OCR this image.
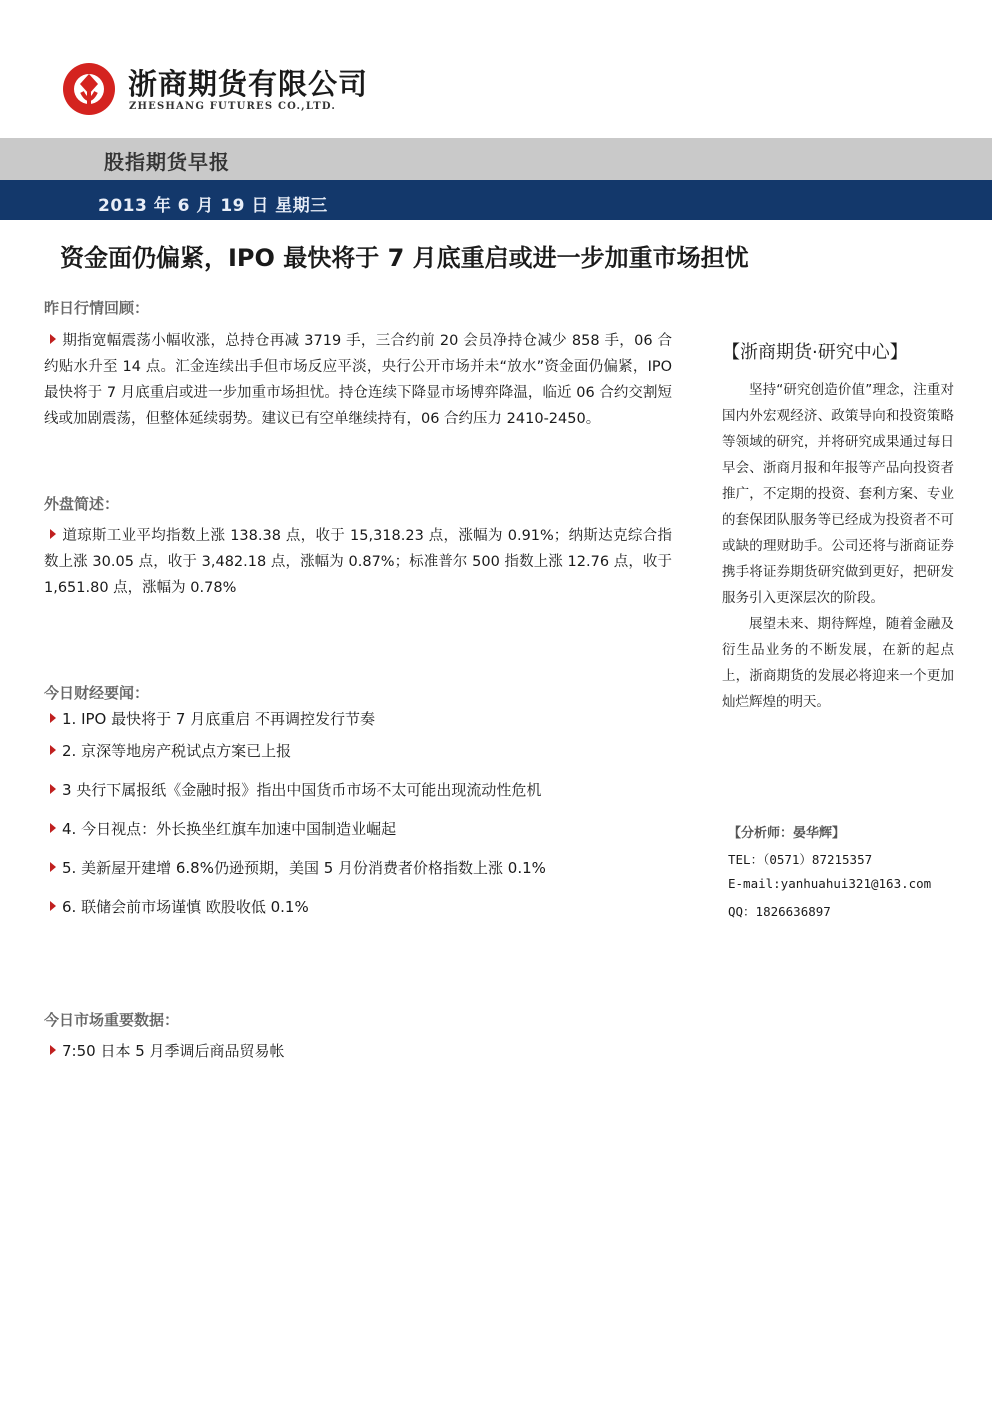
浙商期货有限公司
ZHESHANG FUTURES CO.,LTD.
股指期货早报
2013 年 6 月 19 日 星期三
资金面仍偏紧，IPO 最快将于 7 月底重启或进一步加重市场担忧
昨日行情回顾：
期指宽幅震荡小幅收涨，总持仓再减 3719 手，三合约前 20 会员净持仓减少 858 手，06 合约贴水升至 14 点。汇金连续出手但市场反应平淡，央行公开市场并未“放水”资金面仍偏紧，IPO 最快将于 7 月底重启或进一步加重市场担忧。持仓连续下降显市场博弈降温，临近 06 合约交割短线或加剧震荡，但整体延续弱势。建议已有空单继续持有，06 合约压力 2410-2450。
外盘简述：
道琼斯工业平均指数上涨 138.38 点，收于 15,318.23 点，涨幅为 0.91%；纳斯达克综合指数上涨 30.05 点，收于 3,482.18 点，涨幅为 0.87%；标准普尔 500 指数上涨 12.76 点，收于 1,651.80 点，涨幅为 0.78%
今日财经要闻：
1. IPO 最快将于 7 月底重启 不再调控发行节奏
2. 京深等地房产税试点方案已上报
3 央行下属报纸《金融时报》指出中国货币市场不太可能出现流动性危机
4. 今日视点：外长换坐红旗车加速中国制造业崛起
5. 美新屋开建增 6.8%仍逊预期，美国 5 月份消费者价格指数上涨 0.1%
6. 联储会前市场谨慎 欧股收低 0.1%
今日市场重要数据：
7:50 日本 5 月季调后商品贸易帐
【浙商期货·研究中心】

坚持“研究创造价值”理念，注重对国内外宏观经济、政策导向和投资策略等领域的研究，并将研究成果通过每日早会、浙商月报和年报等产品向投资者推广，不定期的投资、套利方案、专业的套保团队服务等已经成为投资者不可或缺的理财助手。公司还将与浙商证券携手将证券期货研究做到更好，把研发服务引入更深层次的阶段。

展望未来、期待辉煌，随着金融及衍生品业务的不断发展，在新的起点上，浙商期货的发展必将迎来一个更加灿烂辉煌的明天。

【分析师：晏华辉】
TEL：（0571）87215357
E-mail:yanhuahui321@163.com
QQ：1826636897
